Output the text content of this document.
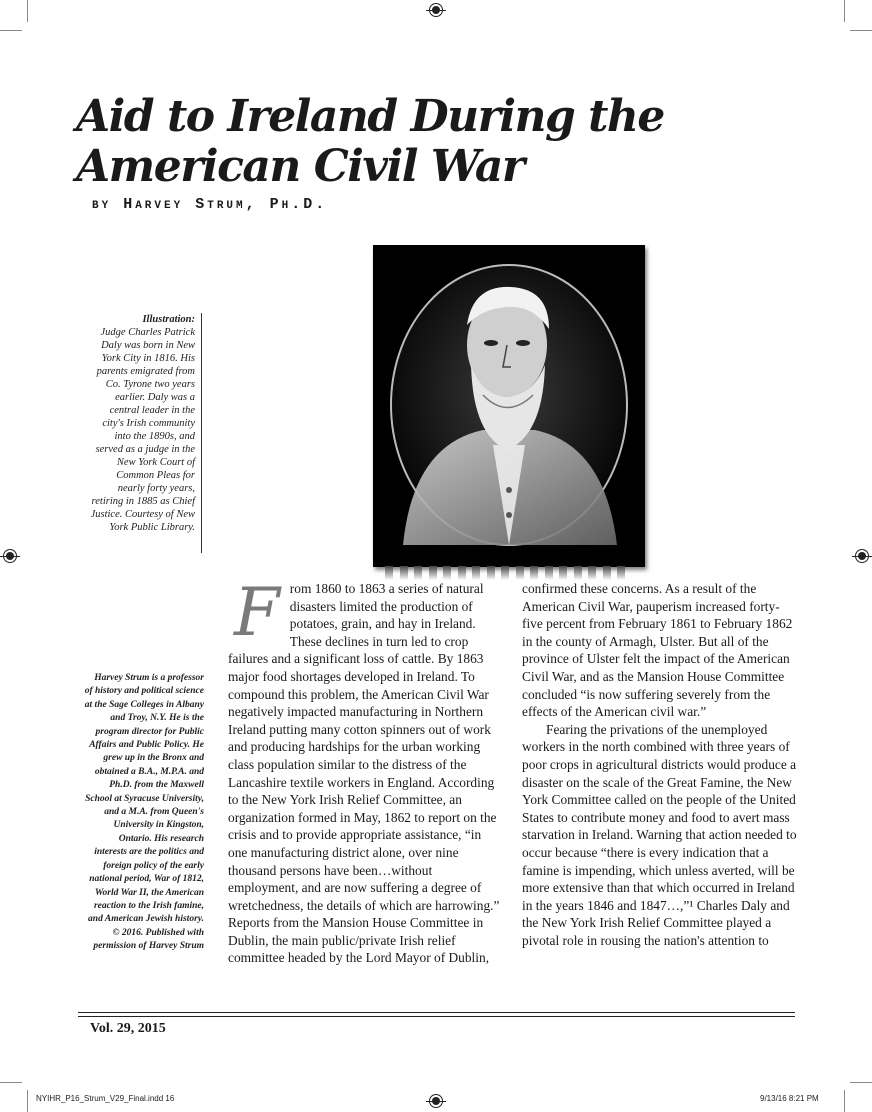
Aid to Ireland During the American Civil War
by Harvey Strum, Ph.D.
Illustration:
Judge Charles Patrick Daly was born in New York City in 1816. His parents emigrated from Co. Tyrone two years earlier. Daly was a central leader in the city's Irish community into the 1890s, and served as a judge in the New York Court of Common Pleas for nearly forty years, retiring in 1885 as Chief Justice. Courtesy of New York Public Library.
Harvey Strum is a professor of history and political science at the Sage Colleges in Albany and Troy, N.Y. He is the program director for Public Affairs and Public Policy. He grew up in the Bronx and obtained a B.A., M.P.A. and Ph.D. from the Maxwell School at Syracuse University, and a M.A. from Queen's University in Kingston, Ontario. His research interests are the politics and foreign policy of the early national period, War of 1812, World War II, the American reaction to the Irish famine, and American Jewish history. © 2016. Published with permission of Harvey Strum

F rom 1860 to 1863 a series of natural disasters limited the production of potatoes, grain, and hay in Ireland. These declines in turn led to crop failures and a significant loss of cattle. By 1863 major food shortages developed in Ireland. To compound this problem, the American Civil War negatively impacted manufacturing in Northern Ireland putting many cotton spinners out of work and producing hardships for the urban working class population similar to the distress of the Lancashire textile workers in England. According to the New York Irish Relief Committee, an organization formed in May, 1862 to report on the crisis and to provide appropriate assistance, “in one manufacturing district alone, over nine thousand persons have been…without employment, and are now suffering a degree of wretchedness, the details of which are harrowing.” Reports from the Mansion House Committee in Dublin, the main public/private Irish relief committee headed by the Lord Mayor of Dublin,

confirmed these concerns. As a result of the American Civil War, pauperism increased forty-five percent from February 1861 to February 1862 in the county of Armagh, Ulster. But all of the province of Ulster felt the impact of the American Civil War, and as the Mansion House Committee concluded “is now suffering severely from the effects of the American civil war.”

Fearing the privations of the unemployed workers in the north combined with three years of poor crops in agricultural districts would produce a disaster on the scale of the Great Famine, the New York Committee called on the people of the United States to contribute money and food to avert mass starvation in Ireland. Warning that action needed to occur because “there is every indication that a famine is impending, which unless averted, will be more extensive than that which occurred in Ireland in the years 1846 and 1847…,”¹ Charles Daly and the New York Irish Relief Committee played a pivotal role in rousing the nation's attention to

Vol. 29, 2015
NYIHR_P16_Strum_V29_Final.indd 16	9/13/16 8:21 PM
